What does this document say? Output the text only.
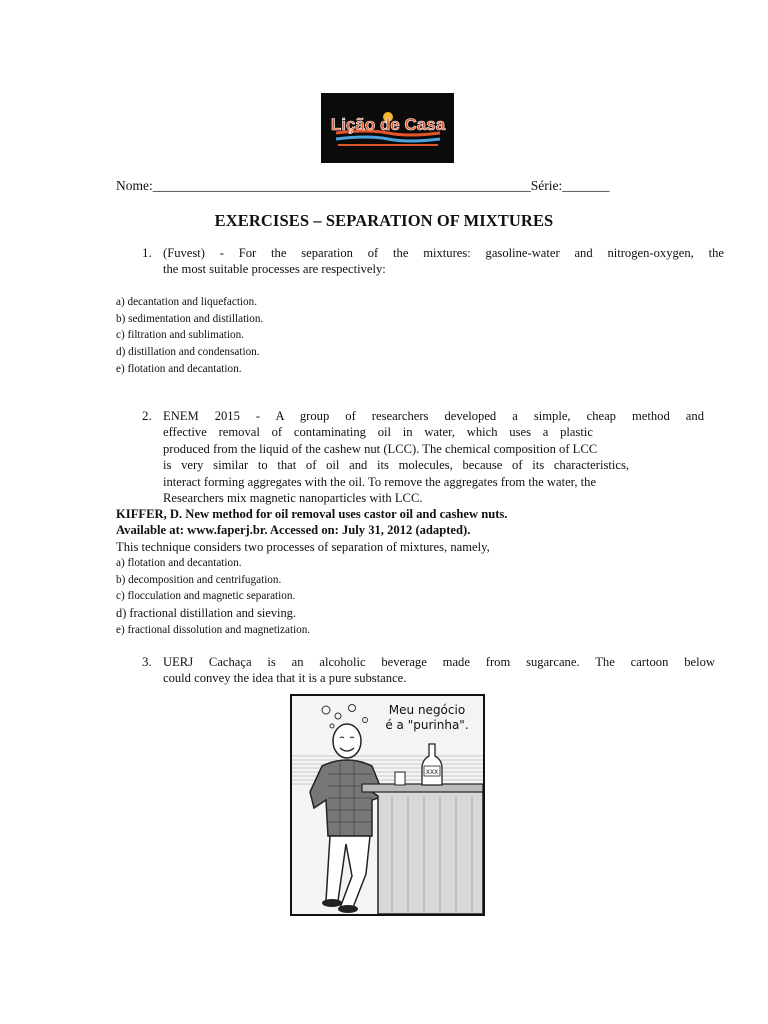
Lição de Casa
Nome:________________________________________________________Série:_______
EXERCISES – SEPARATION OF MIXTURES
1. (Fuvest) - For the separation of the mixtures: gasoline-water and nitrogen-oxygen, the
the most suitable processes are respectively:
a) decantation and liquefaction.
b) sedimentation and distillation.
c) filtration and sublimation.
d) distillation and condensation.
e) flotation and decantation.
2. ENEM 2015 - A group of researchers developed a simple, cheap method and
effective removal of contaminating oil in water, which uses a plastic
produced from the liquid of the cashew nut (LCC). The chemical composition of LCC
is very similar to that of oil and its molecules, because of its characteristics,
interact forming aggregates with the oil. To remove the aggregates from the water, the
Researchers mix magnetic nanoparticles with LCC.
KIFFER, D. New method for oil removal uses castor oil and cashew nuts.
Available at: www.faperj.br. Accessed on: July 31, 2012 (adapted).
This technique considers two processes of separation of mixtures, namely,
a) flotation and decantation.
b) decomposition and centrifugation.
c) flocculation and magnetic separation.
d) fractional distillation and sieving.
e) fractional dissolution and magnetization.
3. UERJ Cachaça is an alcoholic beverage made from sugarcane. The cartoon below
could convey the idea that it is a pure substance.
Meu negócio
é a "purinha".
XXX
